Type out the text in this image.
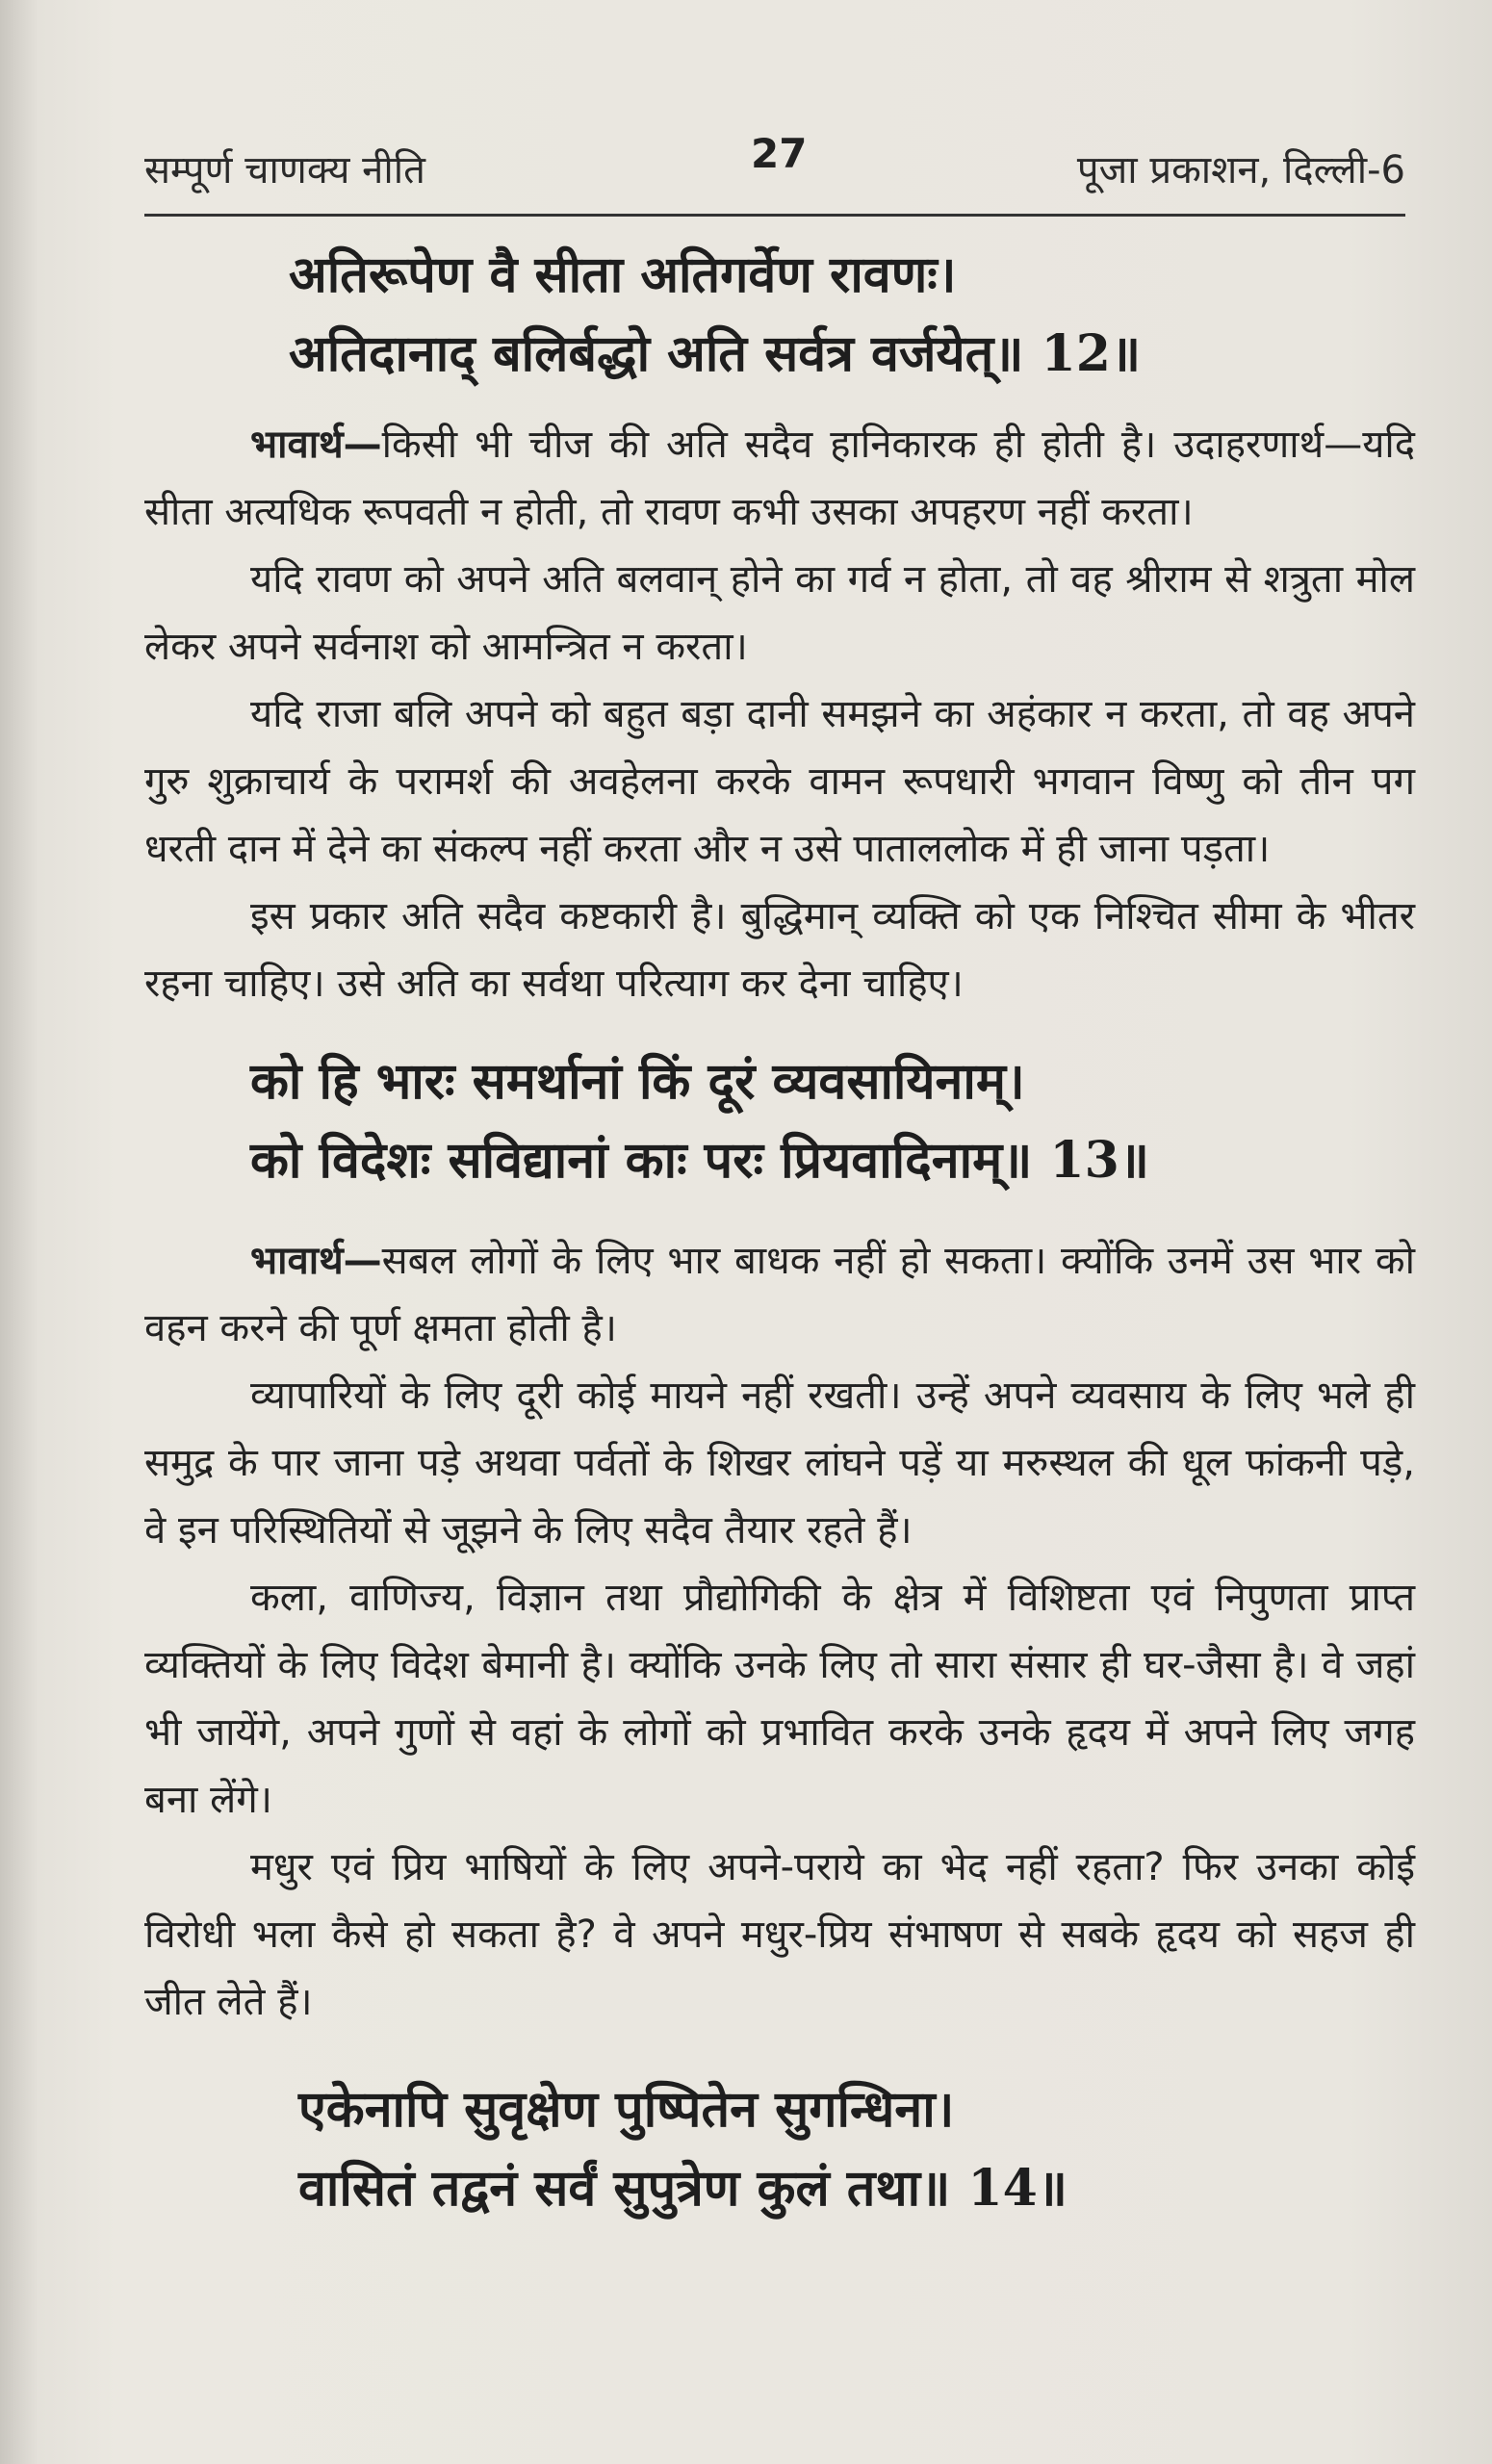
सम्पूर्ण चाणक्य नीति	27	पूजा प्रकाशन, दिल्ली-6
अतिरूपेण वै सीता अतिगर्वेण रावणः।
अतिदानाद् बलिर्बद्धो अति सर्वत्र वर्जयेत्॥ 12॥

भावार्थ—किसी भी चीज की अति सदैव हानिकारक ही होती है। उदाहरणार्थ—यदि सीता अत्यधिक रूपवती न होती, तो रावण कभी उसका अपहरण नहीं करता।

यदि रावण को अपने अति बलवान् होने का गर्व न होता, तो वह श्रीराम से शत्रुता मोल लेकर अपने सर्वनाश को आमन्त्रित न करता।

यदि राजा बलि अपने को बहुत बड़ा दानी समझने का अहंकार न करता, तो वह अपने गुरु शुक्राचार्य के परामर्श की अवहेलना करके वामन रूपधारी भगवान विष्णु को तीन पग धरती दान में देने का संकल्प नहीं करता और न उसे पाताललोक में ही जाना पड़ता।

इस प्रकार अति सदैव कष्टकारी है। बुद्धिमान् व्यक्ति को एक निश्चित सीमा के भीतर रहना चाहिए। उसे अति का सर्वथा परित्याग कर देना चाहिए।

को हि भारः समर्थानां किं दूरं व्यवसायिनाम्।
को विदेशः सविद्यानां काः परः प्रियवादिनाम्॥ 13॥

भावार्थ—सबल लोगों के लिए भार बाधक नहीं हो सकता। क्योंकि उनमें उस भार को वहन करने की पूर्ण क्षमता होती है।

व्यापारियों के लिए दूरी कोई मायने नहीं रखती। उन्हें अपने व्यवसाय के लिए भले ही समुद्र के पार जाना पड़े अथवा पर्वतों के शिखर लांघने पड़ें या मरुस्थल की धूल फांकनी पड़े, वे इन परिस्थितियों से जूझने के लिए सदैव तैयार रहते हैं।

कला, वाणिज्य, विज्ञान तथा प्रौद्योगिकी के क्षेत्र में विशिष्टता एवं निपुणता प्राप्त व्यक्तियों के लिए विदेश बेमानी है। क्योंकि उनके लिए तो सारा संसार ही घर-जैसा है। वे जहां भी जायेंगे, अपने गुणों से वहां के लोगों को प्रभावित करके उनके हृदय में अपने लिए जगह बना लेंगे।

मधुर एवं प्रिय भाषियों के लिए अपने-पराये का भेद नहीं रहता? फिर उनका कोई विरोधी भला कैसे हो सकता है? वे अपने मधुर-प्रिय संभाषण से सबके हृदय को सहज ही जीत लेते हैं।

एकेनापि सुवृक्षेण पुष्पितेन सुगन्धिना।
वासितं तद्वनं सर्वं सुपुत्रेण कुलं तथा॥ 14॥
